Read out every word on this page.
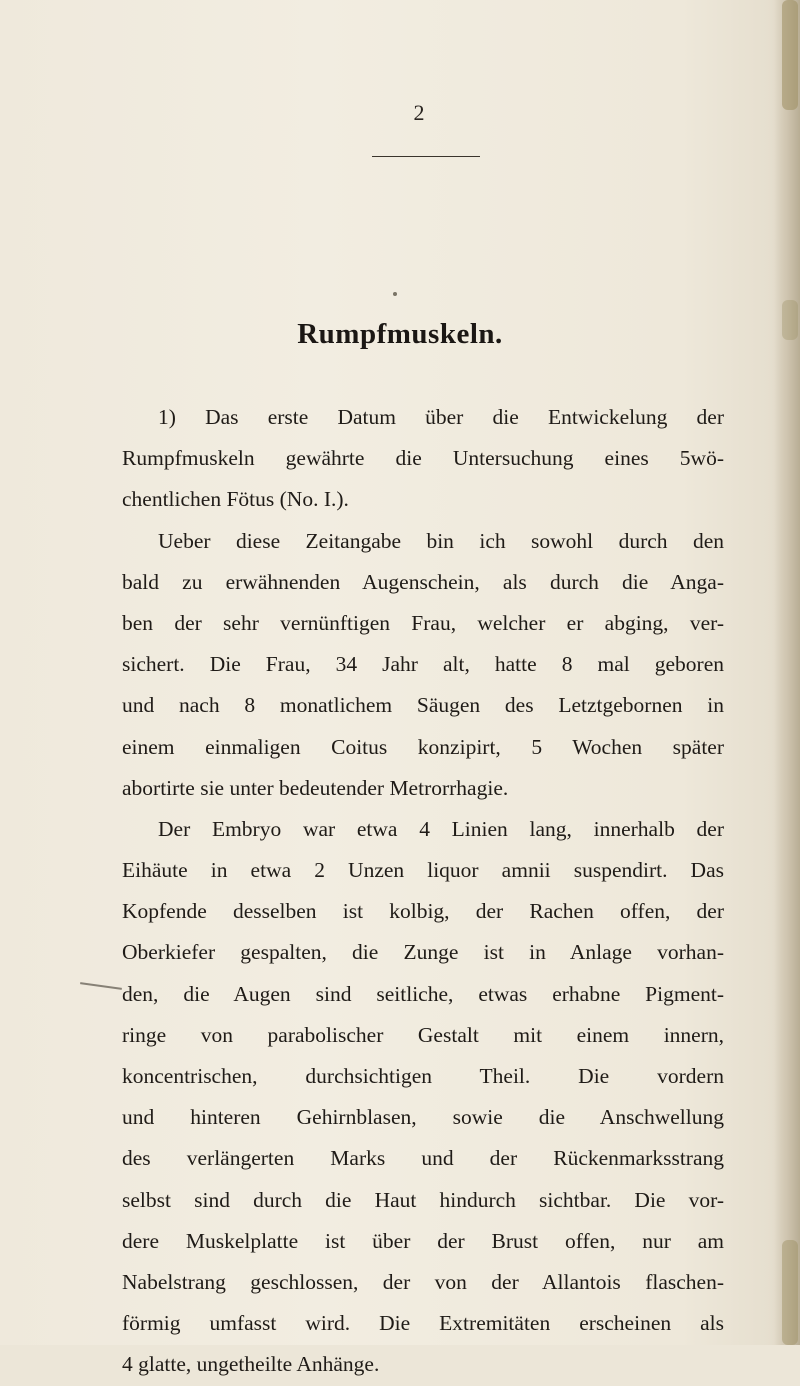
2
Rumpfmuskeln.
1) Das erste Datum über die Entwickelung der
Rumpfmuskeln gewährte die Untersuchung eines 5wö-
chentlichen Fötus (No. I.).
Ueber diese Zeitangabe bin ich sowohl durch den
bald zu erwähnenden Augenschein, als durch die Anga-
ben der sehr vernünftigen Frau, welcher er abging, ver-
sichert. Die Frau, 34 Jahr alt, hatte 8 mal geboren
und nach 8 monatlichem Säugen des Letztgebornen in
einem einmaligen Coitus konzipirt, 5 Wochen später
abortirte sie unter bedeutender Metrorrhagie.
Der Embryo war etwa 4 Linien lang, innerhalb der
Eihäute in etwa 2 Unzen liquor amnii suspendirt. Das
Kopfende desselben ist kolbig, der Rachen offen, der
Oberkiefer gespalten, die Zunge ist in Anlage vorhan-
den, die Augen sind seitliche, etwas erhabne Pigment-
ringe von parabolischer Gestalt mit einem innern,
koncentrischen, durchsichtigen Theil. Die vordern
und hinteren Gehirnblasen, sowie die Anschwellung
des verlängerten Marks und der Rückenmarksstrang
selbst sind durch die Haut hindurch sichtbar. Die vor-
dere Muskelplatte ist über der Brust offen, nur am
Nabelstrang geschlossen, der von der Allantois flaschen-
förmig umfasst wird. Die Extremitäten erscheinen als
4 glatte, ungetheilte Anhänge.
